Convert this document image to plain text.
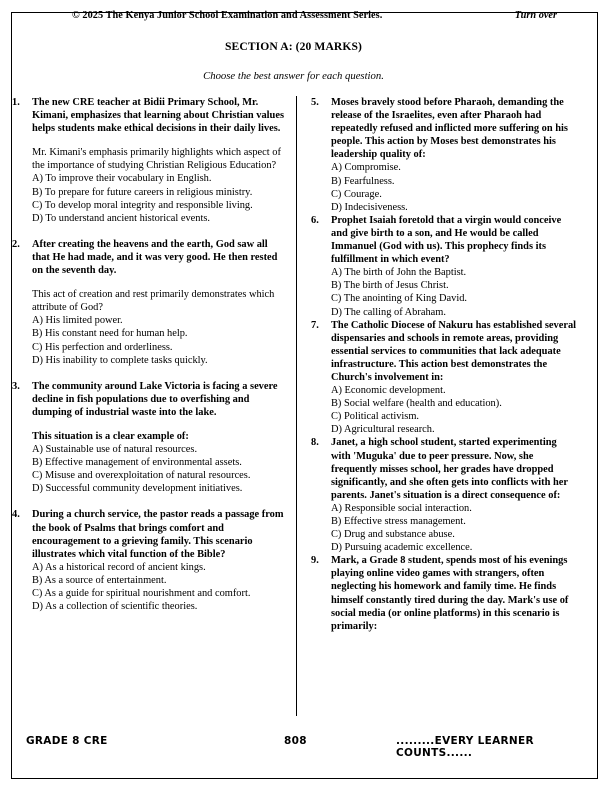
© 2025 The Kenya Junior School Examination and Assessment Series.	Turn over
SECTION A: (20 MARKS)
Choose the best answer for each question.
1.	The new CRE teacher at Bidii Primary School, Mr. Kimani, emphasizes that learning about Christian values helps students make ethical decisions in their daily lives.
Mr. Kimani's emphasis primarily highlights which aspect of the importance of studying Christian Religious Education?
A) To improve their vocabulary in English.
B) To prepare for future careers in religious ministry.
C) To develop moral integrity and responsible living.
D) To understand ancient historical events.
2.	After creating the heavens and the earth, God saw all that He had made, and it was very good. He then rested on the seventh day.
This act of creation and rest primarily demonstrates which attribute of God?
A) His limited power.
B) His constant need for human help.
C) His perfection and orderliness.
D) His inability to complete tasks quickly.
3.	The community around Lake Victoria is facing a severe decline in fish populations due to overfishing and dumping of industrial waste into the lake.
This situation is a clear example of:
A) Sustainable use of natural resources.
B) Effective management of environmental assets.
C) Misuse and overexploitation of natural resources.
D) Successful community development initiatives.
4.	During a church service, the pastor reads a passage from the book of Psalms that brings comfort and encouragement to a grieving family. This scenario illustrates which vital function of the Bible?
A) As a historical record of ancient kings.
B) As a source of entertainment.
C) As a guide for spiritual nourishment and comfort.
D) As a collection of scientific theories.
5.	Moses bravely stood before Pharaoh, demanding the release of the Israelites, even after Pharaoh had repeatedly refused and inflicted more suffering on his people. This action by Moses best demonstrates his leadership quality of:
A) Compromise.
B) Fearfulness.
C) Courage.
D) Indecisiveness.
6.	Prophet Isaiah foretold that a virgin would conceive and give birth to a son, and He would be called Immanuel (God with us). This prophecy finds its fulfillment in which event?
A) The birth of John the Baptist.
B) The birth of Jesus Christ.
C) The anointing of King David.
D) The calling of Abraham.
7.	The Catholic Diocese of Nakuru has established several dispensaries and schools in remote areas, providing essential services to communities that lack adequate infrastructure. This action best demonstrates the Church's involvement in:
A) Economic development.
B) Social welfare (health and education).
C) Political activism.
D) Agricultural research.
8.	Janet, a high school student, started experimenting with 'Muguka' due to peer pressure. Now, she frequently misses school, her grades have dropped significantly, and she often gets into conflicts with her parents. Janet's situation is a direct consequence of:
A) Responsible social interaction.
B) Effective stress management.
C) Drug and substance abuse.
D) Pursuing academic excellence.
9.	Mark, a Grade 8 student, spends most of his evenings playing online video games with strangers, often neglecting his homework and family time. He finds himself constantly tired during the day. Mark's use of social media (or online platforms) in this scenario is primarily:
GRADE 8 CRE	808	.........EVERY LEARNER COUNTS......
